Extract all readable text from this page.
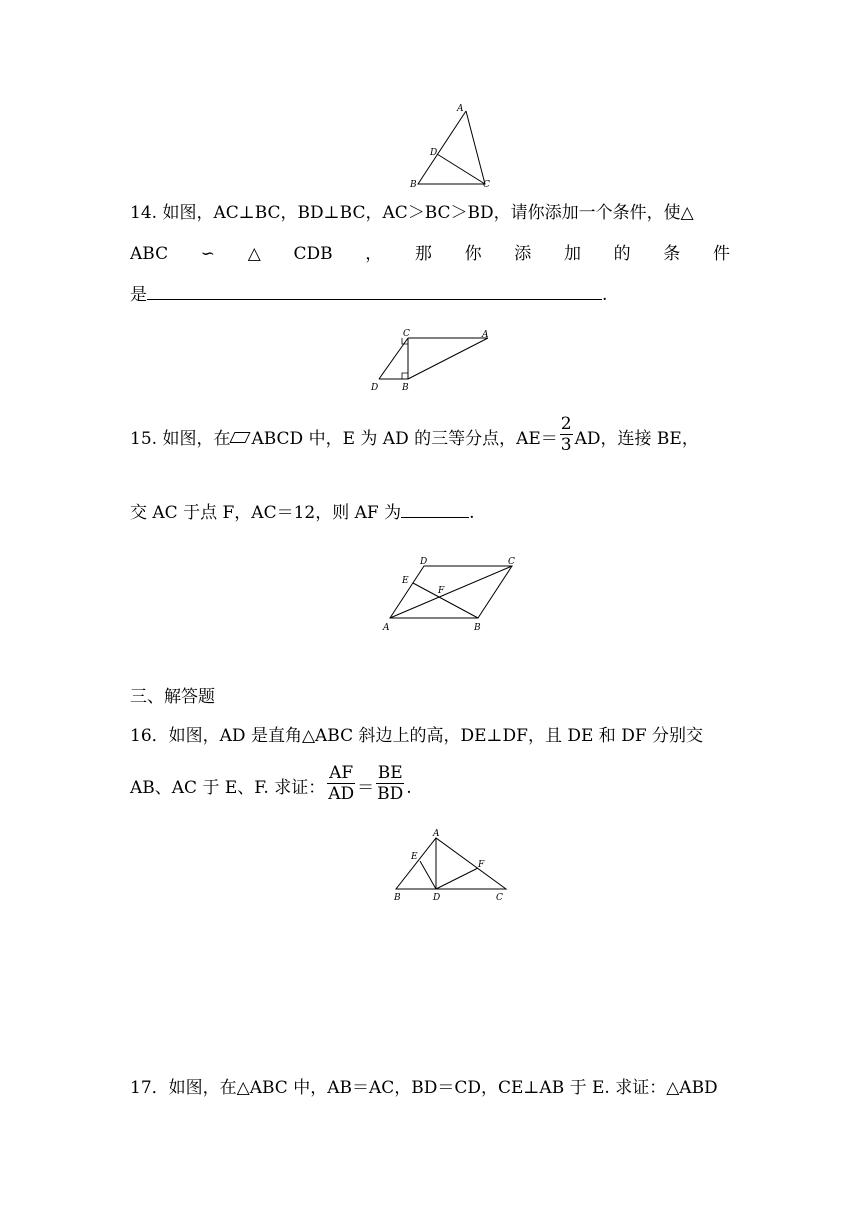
A
D
B	C
14. 如图，AC⊥BC，BD⊥BC，AC＞BC＞BD，请你添加一个条件，使△
ABC ∽ △ CDB ， 那 你 添 加 的 条 件
是	.
C	A
D	B
15. 如图，在 ABCD 中，E 为 AD 的三等分点，$AE= \frac{2}{3}$ AD，连接 BE，
交 AC 于点 F，AC＝12，则 AF 为	.
D	C
E
F
A	B
三、解答题
16．如图，AD 是直角△ABC 斜边上的高，DE⊥DF，且 DE 和 DF 分别交
AB、AC 于 E、F. 求证： $\frac{AF}{AD} = \frac{BE}{BD}$ .
A
E
F
B	D	C
17．如图，在△ABC 中，AB＝AC，BD＝CD，CE⊥AB 于 E. 求证：△ABD
